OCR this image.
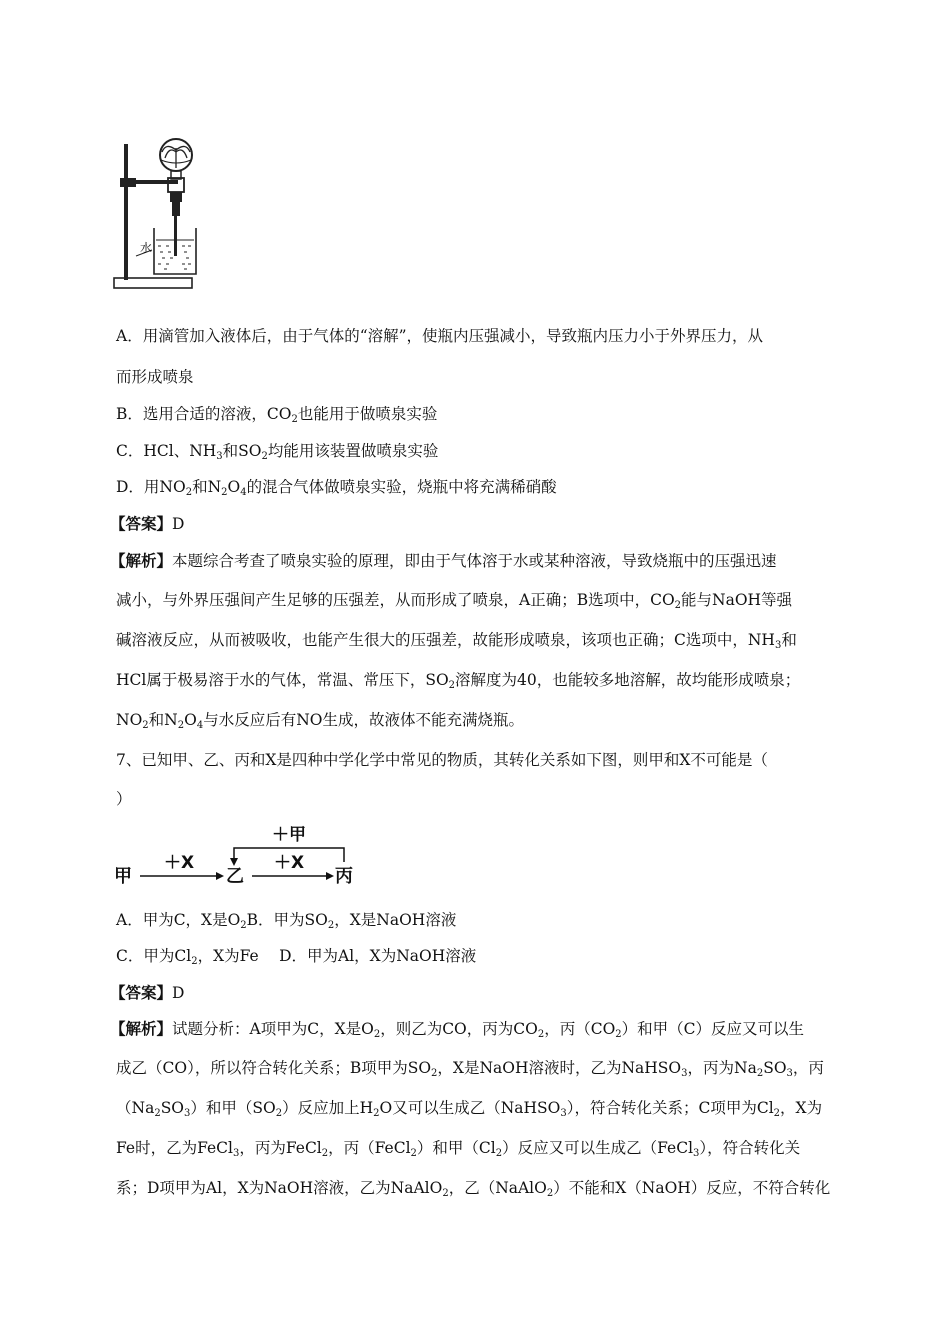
水
A．用滴管加入液体后，由于气体的“溶解”，使瓶内压强减小，导致瓶内压力小于外界压力，从
而形成喷泉
B．选用合适的溶液，$CO_2$也能用于做喷泉实验
C．HCl、$NH_3$和$SO_2$均能用该装置做喷泉实验
D．用$NO_2$和$N_2O_4$的混合气体做喷泉实验，烧瓶中将充满稀硝酸
【答案】D
【解析】本题综合考查了喷泉实验的原理，即由于气体溶于水或某种溶液，导致烧瓶中的压强迅速
减小，与外界压强间产生足够的压强差，从而形成了喷泉，A正确；B选项中，$CO_2$能与NaOH等强
碱溶液反应，从而被吸收，也能产生很大的压强差，故能形成喷泉，该项也正确；C选项中，$NH_3$和
HCl属于极易溶于水的气体，常温、常压下，$SO_2$溶解度为40，也能较多地溶解，故均能形成喷泉；
$NO_2$和$N_2O_4$与水反应后有NO生成，故液体不能充满烧瓶。
7、已知甲、乙、丙和X是四种中学化学中常见的物质，其转化关系如下图，则甲和X不可能是（
）
＋甲
＋X	＋X
甲	乙	丙
A．甲为C，X是$O_2B$．甲为$SO_2$，X是NaOH溶液
C．甲为$Cl_2$，X为Fe　 D．甲为Al，X为NaOH溶液
【答案】D
【解析】试题分析：A项甲为C，X是$O_2$，则乙为CO，丙为$CO_2$，丙$(CO_2)$和甲（C）反应又可以生
成乙（CO），所以符合转化关系；B项甲为$SO_2$，X是NaOH溶液时，乙为NaHSO$_3$，丙为$Na_2SO_3$，丙
$(Na_2SO_3)$和甲$(SO_2)$反应加上$H_2O$又可以生成乙（NaHSO$_3$），符合转化关系；C项甲为$Cl_2$，X为
Fe时，乙为FeCl$_3$，丙为FeCl$_2$，丙（FeCl$_2$）和甲$(Cl_2)$反应又可以生成乙（FeCl$_3$），符合转化关
系；D项甲为Al，X为NaOH溶液，乙为NaAlO$_2$，乙（NaAlO$_2$）不能和X（NaOH）反应，不符合转化
